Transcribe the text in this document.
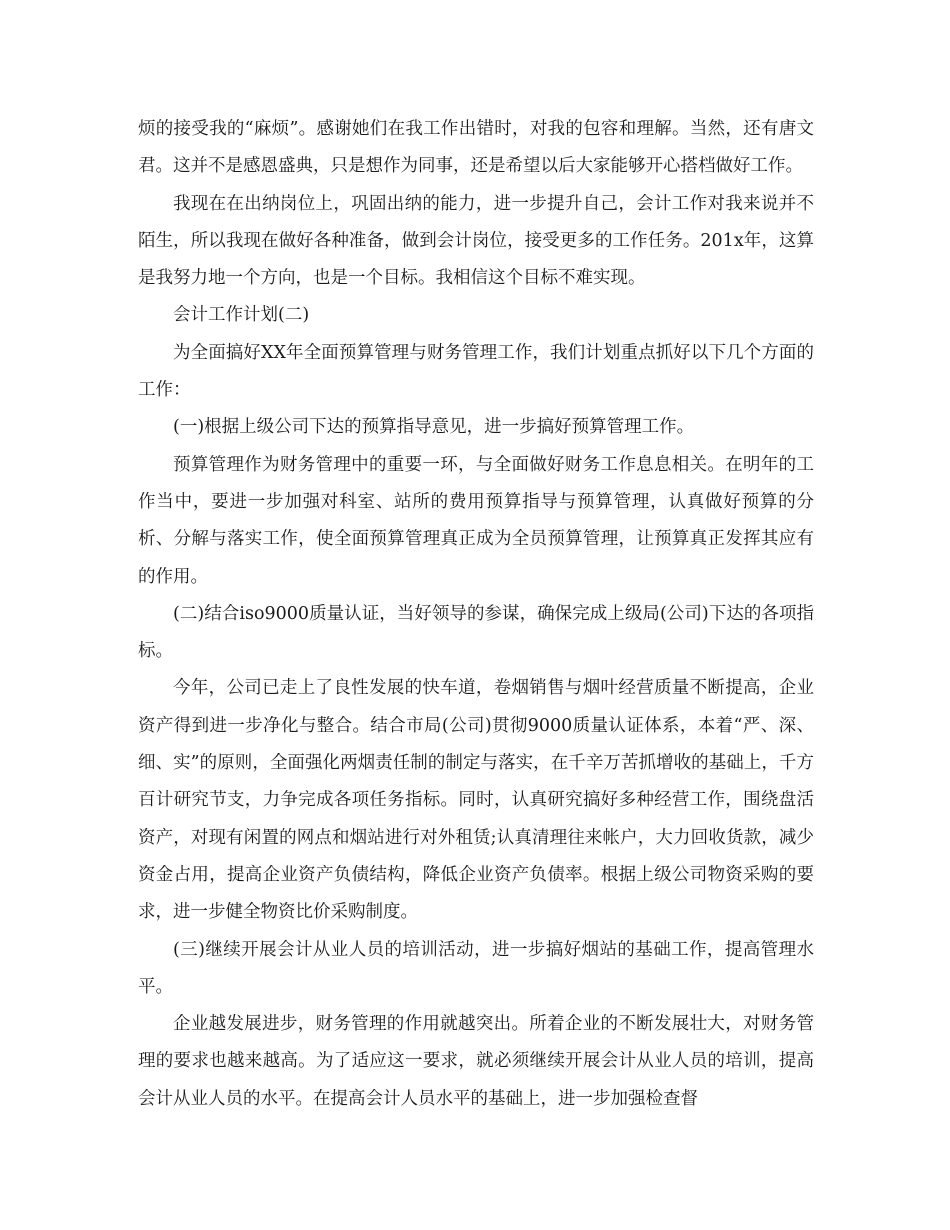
烦的接受我的“麻烦”。感谢她们在我工作出错时，对我的包容和理解。当然，还有唐文君。这并不是感恩盛典，只是想作为同事，还是希望以后大家能够开心搭档做好工作。

我现在在出纳岗位上，巩固出纳的能力，进一步提升自己，会计工作对我来说并不陌生，所以我现在做好各种准备，做到会计岗位，接受更多的工作任务。201x年，这算是我努力地一个方向，也是一个目标。我相信这个目标不难实现。

会计工作计划(二)

为全面搞好XX年全面预算管理与财务管理工作，我们计划重点抓好以下几个方面的工作：

(一)根据上级公司下达的预算指导意见，进一步搞好预算管理工作。

预算管理作为财务管理中的重要一环，与全面做好财务工作息息相关。在明年的工作当中，要进一步加强对科室、站所的费用预算指导与预算管理，认真做好预算的分析、分解与落实工作，使全面预算管理真正成为全员预算管理，让预算真正发挥其应有的作用。

(二)结合iso9000质量认证，当好领导的参谋，确保完成上级局(公司)下达的各项指标。

今年，公司已走上了良性发展的快车道，卷烟销售与烟叶经营质量不断提高，企业资产得到进一步净化与整合。结合市局(公司)贯彻9000质量认证体系，本着“严、深、细、实”的原则，全面强化两烟责任制的制定与落实，在千辛万苦抓增收的基础上，千方百计研究节支，力争完成各项任务指标。同时，认真研究搞好多种经营工作，围绕盘活资产，对现有闲置的网点和烟站进行对外租赁;认真清理往来帐户，大力回收货款，减少资金占用，提高企业资产负债结构，降低企业资产负债率。根据上级公司物资采购的要求，进一步健全物资比价采购制度。

(三)继续开展会计从业人员的培训活动，进一步搞好烟站的基础工作，提高管理水平。

企业越发展进步，财务管理的作用就越突出。所着企业的不断发展壮大，对财务管理的要求也越来越高。为了适应这一要求，就必须继续开展会计从业人员的培训，提高会计从业人员的水平。在提高会计人员水平的基础上，进一步加强检查督
